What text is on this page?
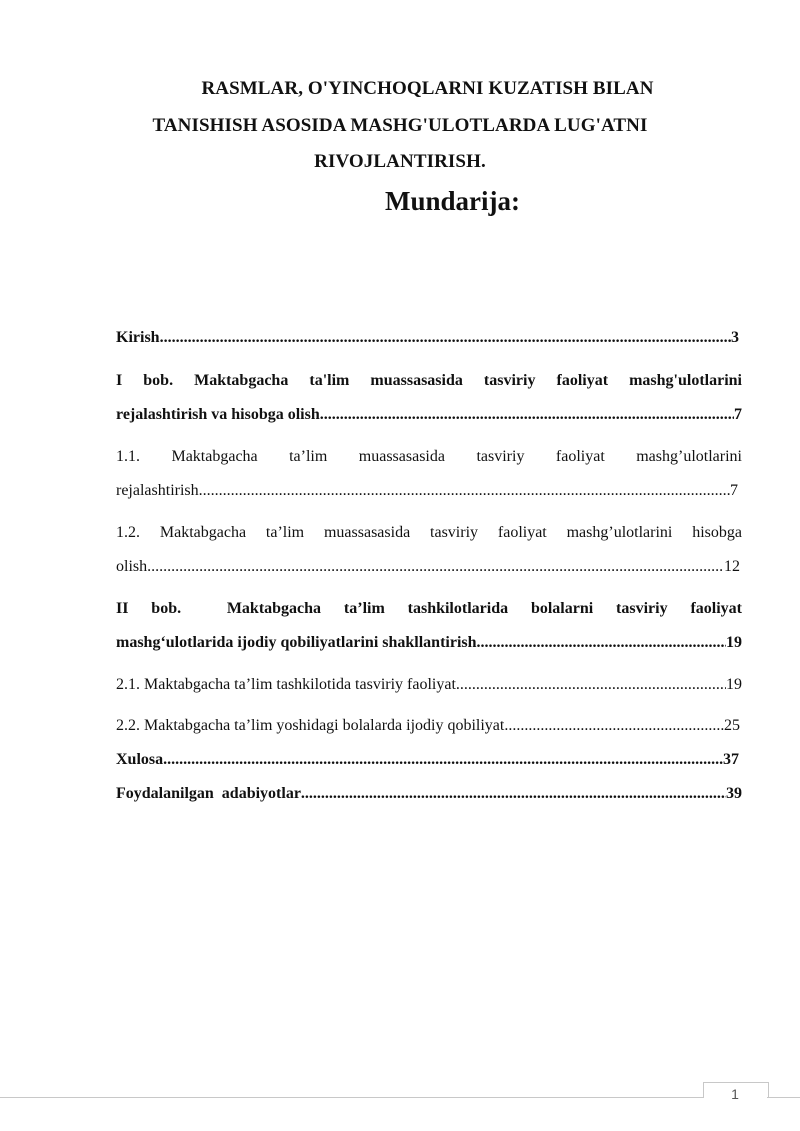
RASMLAR, O'YINCHOQLARNI KUZATISH BILAN
TANISHISH ASOSIDA MASHG'ULOTLARDA LUG'ATNI
RIVOJLANTIRISH.
Mundarija:
Kirish .....	3
I bob. Maktabgacha ta'lim muassasasida tasviriy faoliyat mashg'ulotlarini
rejalashtirish va hisobga olish .....	7
1.1. Maktabgacha ta’lim muassasasida tasviriy faoliyat mashg’ulotlarini
rejalashtirish .....	7
1.2. Maktabgacha ta’lim muassasasida tasviriy faoliyat mashg’ulotlarini hisobga
olish .....	12
II bob.  Maktabgacha ta’lim tashkilotlarida bolalarni tasviriy faoliyat
mashg‘ulotlarida ijodiy qobiliyatlarini shakllantirish .....	19
2.1. Maktabgacha ta’lim tashkilotida tasviriy faoliyat .....	19
2.2. Maktabgacha ta’lim yoshidagi bolalarda ijodiy qobiliyat .....	25
Xulosa .....	37
Foydalanilgan  adabiyotlar .....	39
1
